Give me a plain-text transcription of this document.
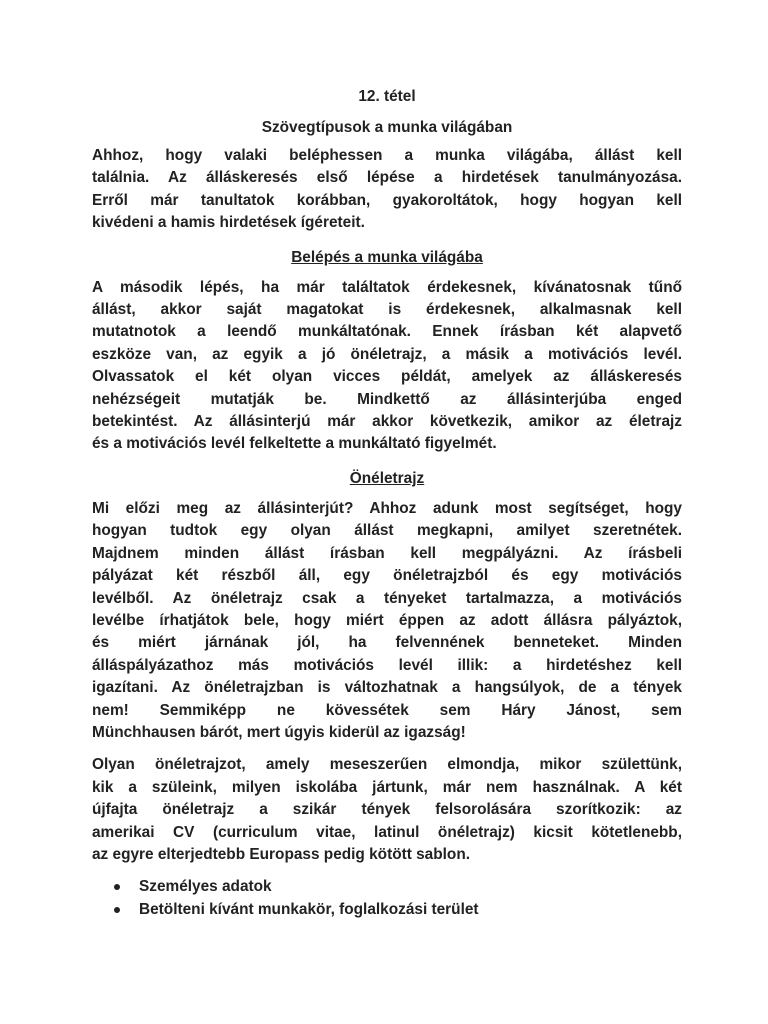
12. tétel

Szövegtípusok a munka világában

Ahhoz, hogy valaki beléphessen a munka világába, állást kell
találnia. Az álláskeresés első lépése a hirdetések tanulmányozása.
Erről már tanultatok korábban, gyakoroltátok, hogy hogyan kell
kivédeni a hamis hirdetések ígéreteit.

Belépés a munka világába

A második lépés, ha már találtatok érdekesnek, kívánatosnak tűnő
állást, akkor saját magatokat is érdekesnek, alkalmasnak kell
mutatnotok a leendő munkáltatónak. Ennek írásban két alapvető
eszköze van, az egyik a jó önéletrajz, a másik a motivációs levél.
Olvassatok el két olyan vicces példát, amelyek az álláskeresés
nehézségeit mutatják be. Mindkettő az állásinterjúba enged
betekintést. Az állásinterjú már akkor következik, amikor az életrajz
és a motivációs levél felkeltette a munkáltató figyelmét.

Önéletrajz

Mi előzi meg az állásinterjút? Ahhoz adunk most segítséget, hogy
hogyan tudtok egy olyan állást megkapni, amilyet szeretnétek.
Majdnem minden állást írásban kell megpályázni. Az írásbeli
pályázat két részből áll, egy önéletrajzból és egy motivációs
levélből. Az önéletrajz csak a tényeket tartalmazza, a motivációs
levélbe írhatjátok bele, hogy miért éppen az adott állásra pályáztok,
és miért járnának jól, ha felvennének benneteket. Minden
álláspályázathoz más motivációs levél illik: a hirdetéshez kell
igazítani. Az önéletrajzban is változhatnak a hangsúlyok, de a tények
nem! Semmiképp ne kövessétek sem Háry Jánost, sem
Münchhausen bárót, mert úgyis kiderül az igazság!
Olyan önéletrajzot, amely meseszerűen elmondja, mikor születtünk,
kik a szüleink, milyen iskolába jártunk, már nem használnak. A két
újfajta önéletrajz a szikár tények felsorolására szorítkozik: az
amerikai CV (curriculum vitae, latinul önéletrajz) kicsit kötetlenebb,
az egyre elterjedtebb Europass pedig kötött sablon.
Személyes adatok
Betölteni kívánt munkakör, foglalkozási terület
